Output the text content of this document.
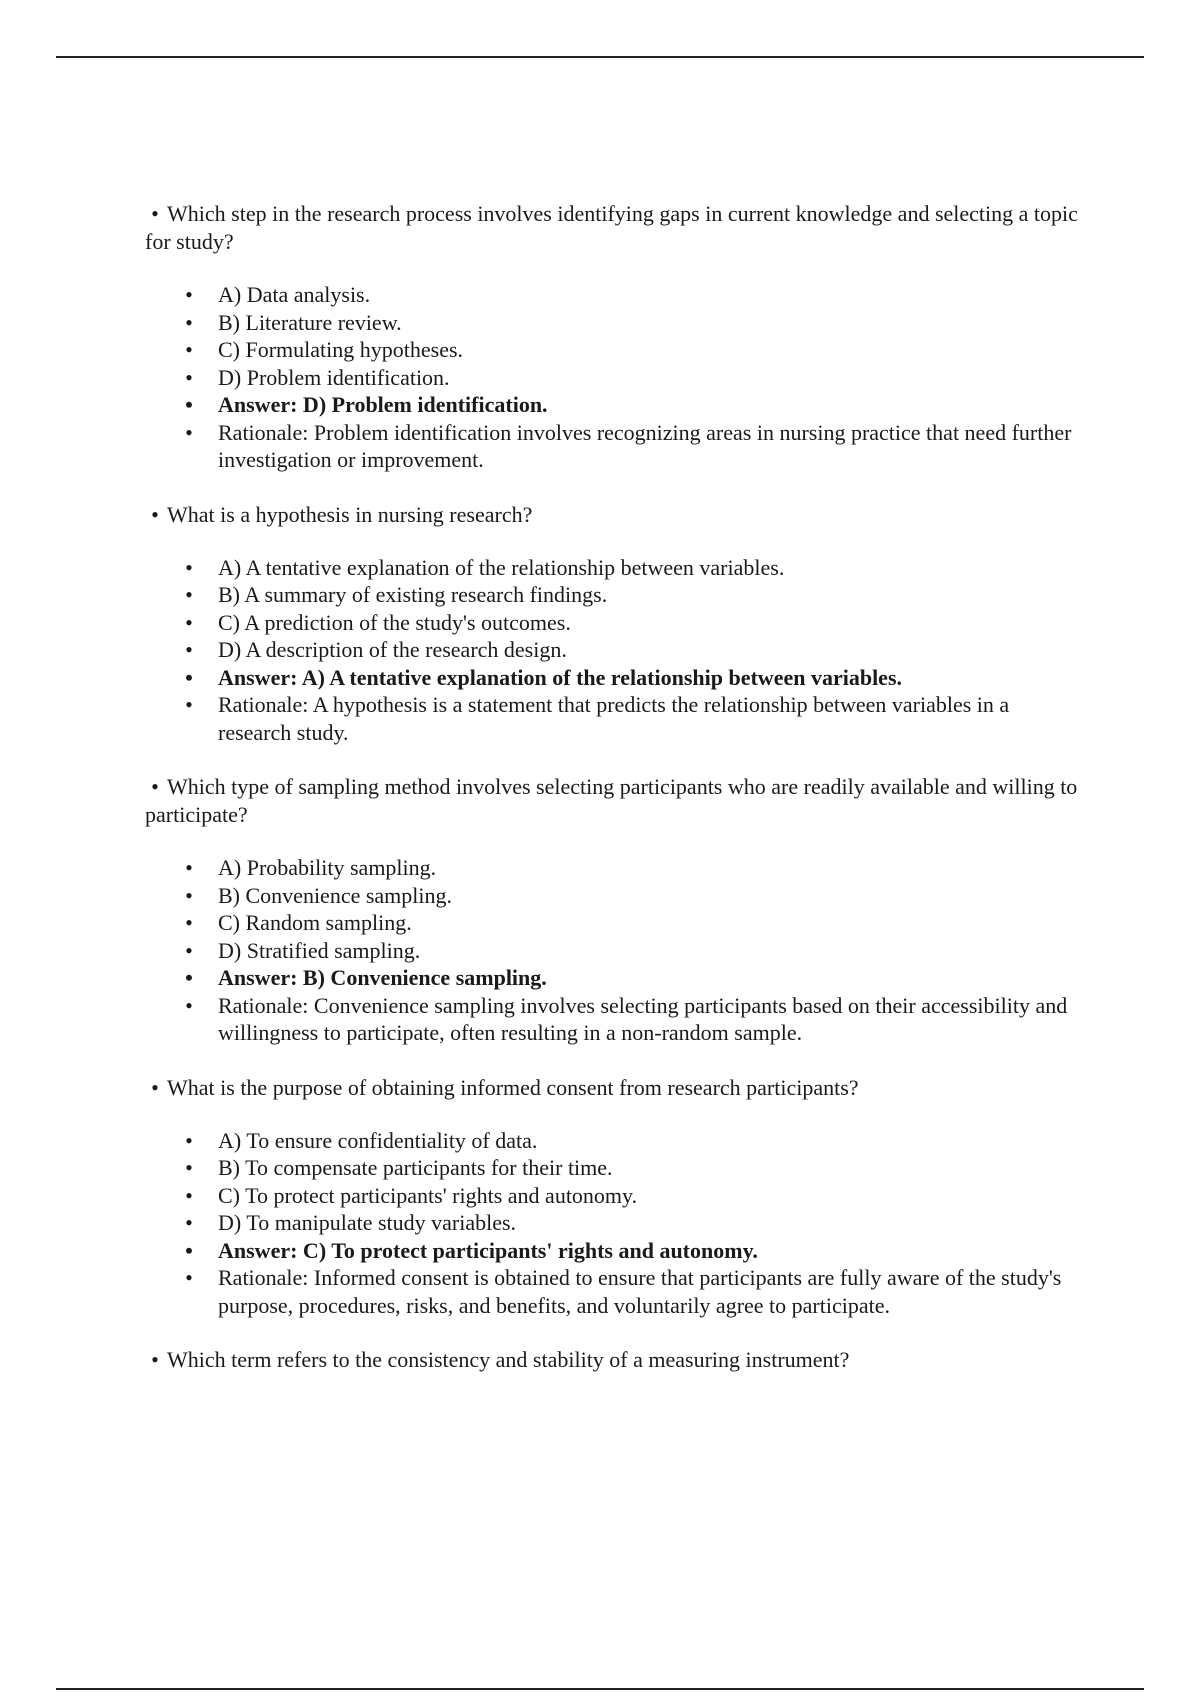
• Which step in the research process involves identifying gaps in current knowledge and selecting a topic for study?

• A) Data analysis.
• B) Literature review.
• C) Formulating hypotheses.
• D) Problem identification.
• Answer: D) Problem identification.
• Rationale: Problem identification involves recognizing areas in nursing practice that need further investigation or improvement.

• What is a hypothesis in nursing research?

• A) A tentative explanation of the relationship between variables.
• B) A summary of existing research findings.
• C) A prediction of the study's outcomes.
• D) A description of the research design.
• Answer: A) A tentative explanation of the relationship between variables.
• Rationale: A hypothesis is a statement that predicts the relationship between variables in a research study.

• Which type of sampling method involves selecting participants who are readily available and willing to participate?

• A) Probability sampling.
• B) Convenience sampling.
• C) Random sampling.
• D) Stratified sampling.
• Answer: B) Convenience sampling.
• Rationale: Convenience sampling involves selecting participants based on their accessibility and willingness to participate, often resulting in a non-random sample.

• What is the purpose of obtaining informed consent from research participants?

• A) To ensure confidentiality of data.
• B) To compensate participants for their time.
• C) To protect participants' rights and autonomy.
• D) To manipulate study variables.
• Answer: C) To protect participants' rights and autonomy.
• Rationale: Informed consent is obtained to ensure that participants are fully aware of the study's purpose, procedures, risks, and benefits, and voluntarily agree to participate.

• Which term refers to the consistency and stability of a measuring instrument?
